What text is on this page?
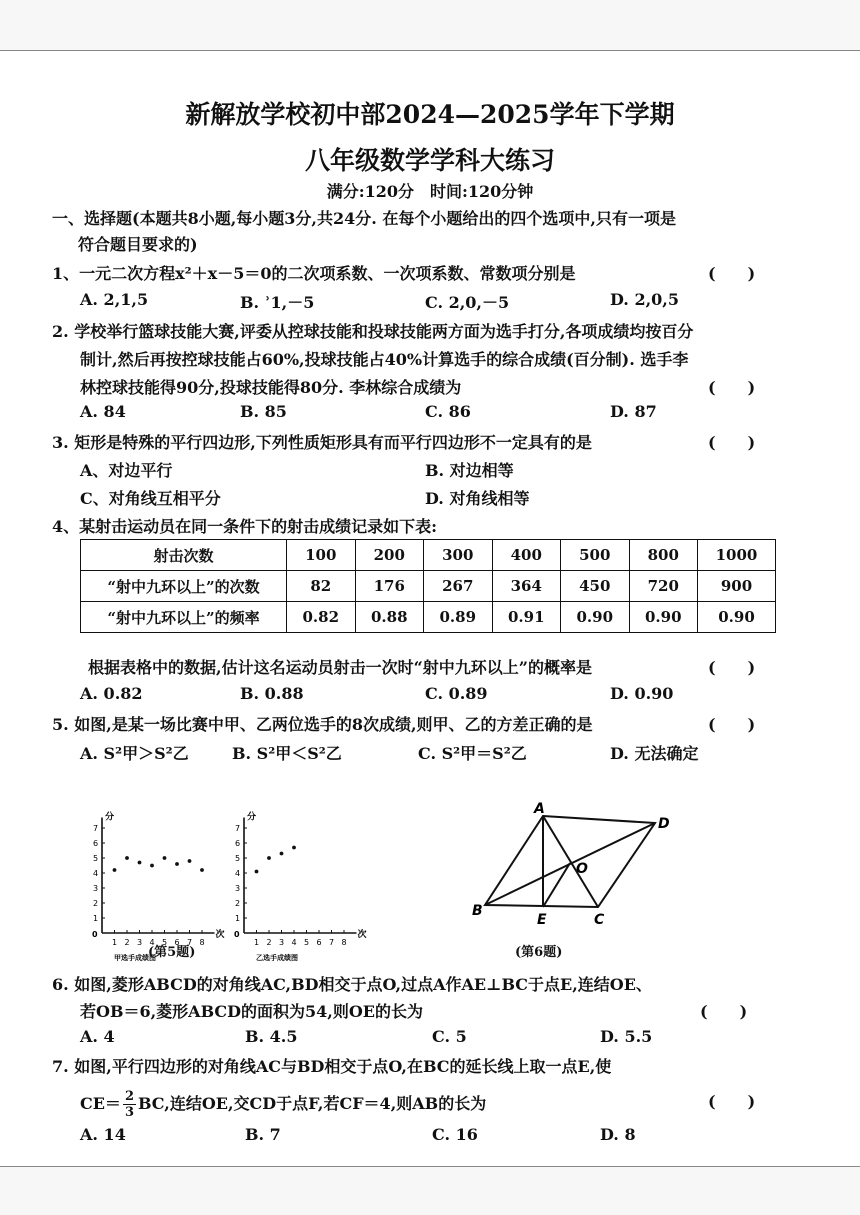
新解放学校初中部2024—2025学年下学期
八年级数学学科大练习
满分:120分　时间:120分钟
一、选择题(本题共8小题,每小题3分,共24分. 在每个小题给出的四个选项中,只有一项是
符合题目要求的)
1、一元二次方程x²＋x－5＝0的二次项系数、一次项系数、常数项分别是	(　　)
A. 2,1,5	B. ʾ1,－5	C. 2,0,－5	D. 2,0,5
2. 学校举行篮球技能大赛,评委从控球技能和投球技能两方面为选手打分,各项成绩均按百分
制计,然后再按控球技能占60%,投球技能占40%计算选手的综合成绩(百分制). 选手李
林控球技能得90分,投球技能得80分. 李林综合成绩为	(　　)
A. 84	B. 85	C. 86	D. 87
3. 矩形是特殊的平行四边形,下列性质矩形具有而平行四边形不一定具有的是	(　　)
A、对边平行	B. 对边相等
C、对角线互相平分	D. 对角线相等
4、某射击运动员在同一条件下的射击成绩记录如下表:
射击次数	100	200	300	400	500	800	1000
“射中九环以上”的次数	82	176	267	364	450	720	900
“射中九环以上”的频率	0.82	0.88	0.89	0.91	0.90	0.90	0.90
根据表格中的数据,估计这名运动员射击一次时“射中九环以上”的概率是	(　　)
A. 0.82	B. 0.88	C. 0.89	D. 0.90
5. 如图,是某一场比赛中甲、乙两位选手的8次成绩,则甲、乙的方差正确的是	(　　)
A. S²甲＞S²乙	B. S²甲＜S²乙	C. S²甲＝S²乙	D. 无法确定
分
次
0
1
2
3
4
5
6
7
1 2 3 4 5 6 7 8
甲选手成绩图
分
次
0
1
2
3
4
5
6
7
1 2 3 4 5 6 7 8
乙选手成绩图
(第5题)
A
D
B
E	C
O
(第6题)
6. 如图,菱形ABCD的对角线AC,BD相交于点O,过点A作AE⊥BC于点E,连结OE、
若OB＝6,菱形ABCD的面积为54,则OE的长为	(　　)
A. 4	B. 4.5	C. 5	D. 5.5
7. 如图,平行四边形的对角线AC与BD相交于点O,在BC的延长线上取一点E,使
$CE= \frac{2}{3}$ BC,连结OE,交CD于点F,若CF＝4,则AB的长为	(　　)
A. 14	B. 7	C. 16	D. 8
